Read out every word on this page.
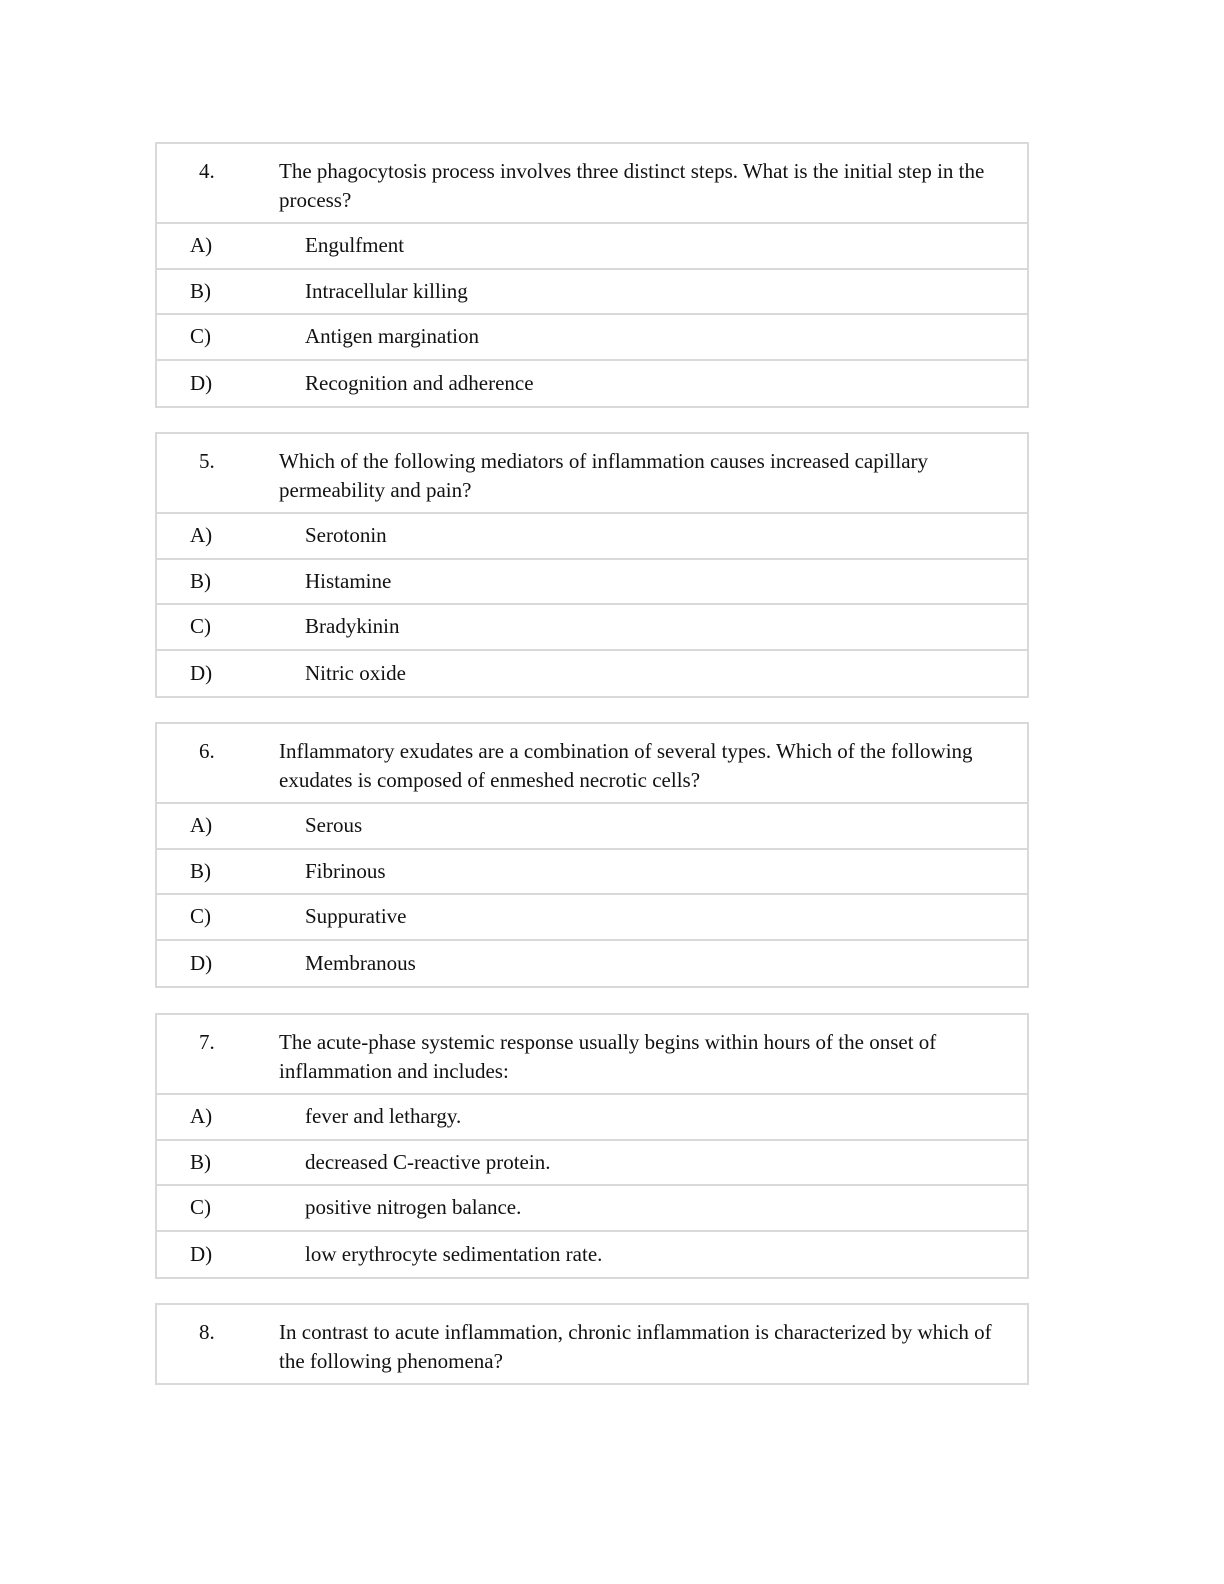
4.	The phagocytosis process involves three distinct steps. What is the initial step in the process?
A)	Engulfment
B)	Intracellular killing
C)	Antigen margination
D)	Recognition and adherence
5.	Which of the following mediators of inflammation causes increased capillary permeability and pain?
A)	Serotonin
B)	Histamine
C)	Bradykinin
D)	Nitric oxide
6.	Inflammatory exudates are a combination of several types. Which of the following exudates is composed of enmeshed necrotic cells?
A)	Serous
B)	Fibrinous
C)	Suppurative
D)	Membranous
7.	The acute-phase systemic response usually begins within hours of the onset of inflammation and includes:
A)	fever and lethargy.
B)	decreased C-reactive protein.
C)	positive nitrogen balance.
D)	low erythrocyte sedimentation rate.
8.	In contrast to acute inflammation, chronic inflammation is characterized by which of the following phenomena?
